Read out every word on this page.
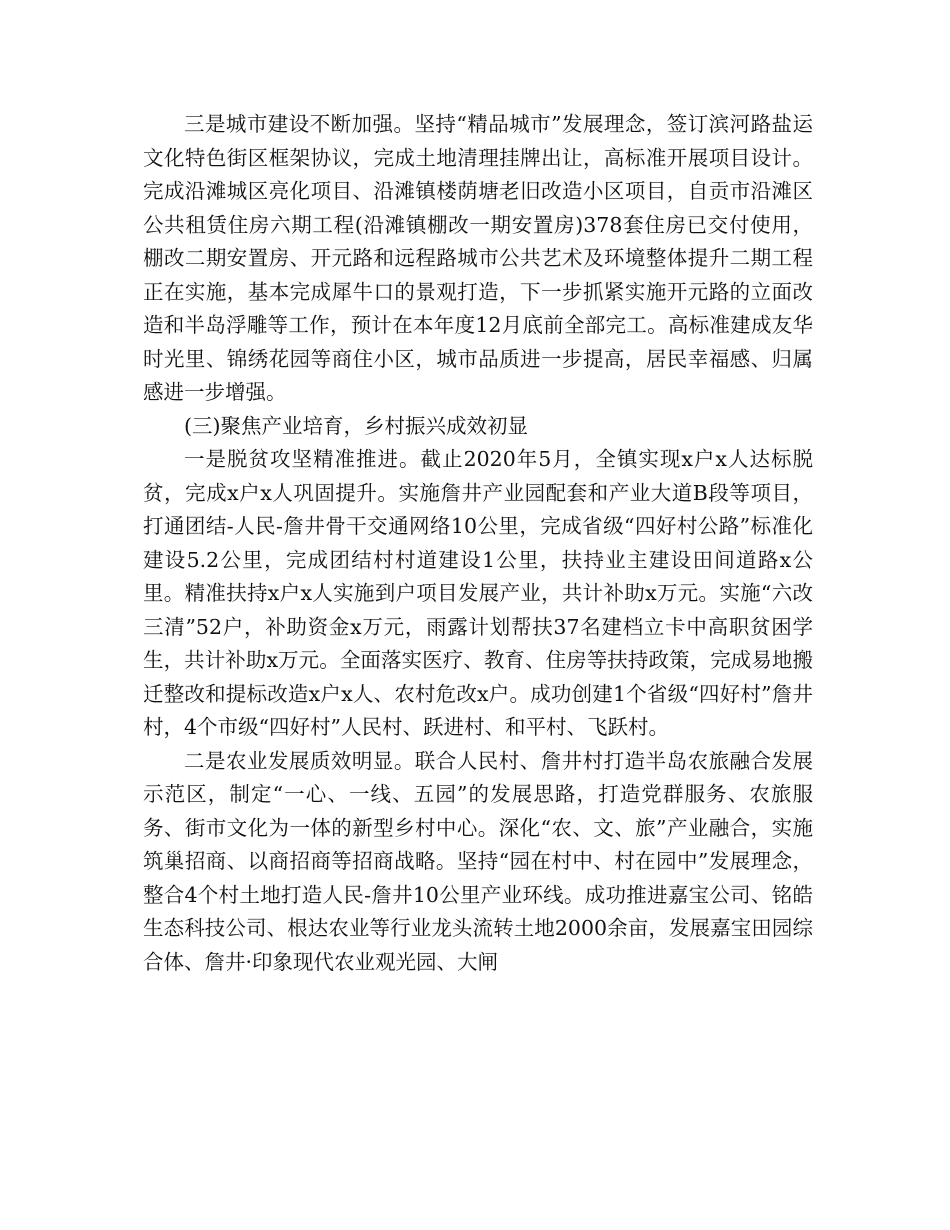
三是城市建设不断加强。坚持“精品城市”发展理念，签订滨河路盐运文化特色街区框架协议，完成土地清理挂牌出让，高标准开展项目设计。完成沿滩城区亮化项目、沿滩镇楼荫塘老旧改造小区项目，自贡市沿滩区公共租赁住房六期工程(沿滩镇棚改一期安置房)378套住房已交付使用，棚改二期安置房、开元路和远程路城市公共艺术及环境整体提升二期工程正在实施，基本完成犀牛口的景观打造，下一步抓紧实施开元路的立面改造和半岛浮雕等工作，预计在本年度12月底前全部完工。高标准建成友华时光里、锦绣花园等商住小区，城市品质进一步提高，居民幸福感、归属感进一步增强。

(三)聚焦产业培育，乡村振兴成效初显

一是脱贫攻坚精准推进。截止2020年5月，全镇实现x户x人达标脱贫，完成x户x人巩固提升。实施詹井产业园配套和产业大道B段等项目，打通团结-人民-詹井骨干交通网络10公里，完成省级“四好村公路”标准化建设5.2公里，完成团结村村道建设1公里，扶持业主建设田间道路x公里。精准扶持x户x人实施到户项目发展产业，共计补助x万元。实施“六改三清”52户，补助资金x万元，雨露计划帮扶37名建档立卡中高职贫困学生，共计补助x万元。全面落实医疗、教育、住房等扶持政策，完成易地搬迁整改和提标改造x户x人、农村危改x户。成功创建1个省级“四好村”詹井村，4个市级“四好村”人民村、跃进村、和平村、飞跃村。

二是农业发展质效明显。联合人民村、詹井村打造半岛农旅融合发展示范区，制定“一心、一线、五园”的发展思路，打造党群服务、农旅服务、街市文化为一体的新型乡村中心。深化“农、文、旅”产业融合，实施筑巢招商、以商招商等招商战略。坚持“园在村中、村在园中”发展理念，整合4个村土地打造人民-詹井10公里产业环线。成功推进嘉宝公司、铭皓生态科技公司、根达农业等行业龙头流转土地2000余亩，发展嘉宝田园综合体、詹井·印象现代农业观光园、大闸
